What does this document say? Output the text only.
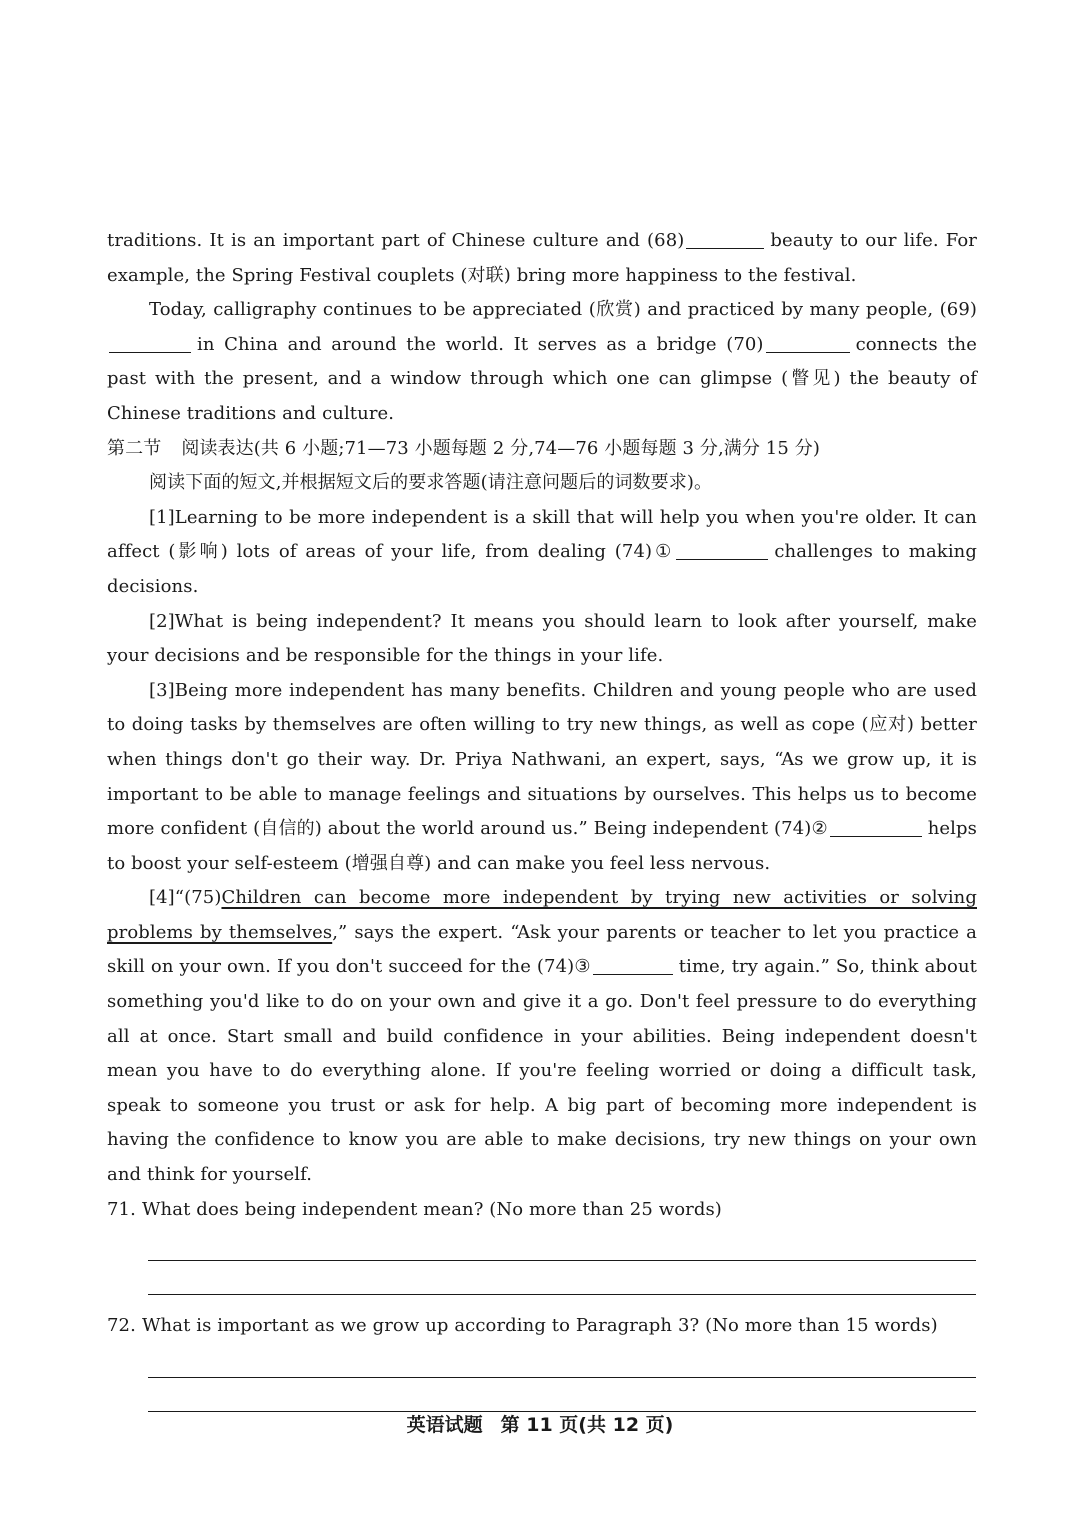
traditions. It is an important part of Chinese culture and (68)	beauty to our life. For example, the Spring Festival couplets (对联) bring more happiness to the festival.

Today, calligraphy continues to be appreciated (欣赏) and practiced by many people, (69)in China and around the world. It serves as a bridge (70)	connects the past with the present, and a window through which one can glimpse (瞥见) the beauty of Chinese traditions and culture.

第二节 阅读表达(共 6 小题;71—73 小题每题 2 分,74—76 小题每题 3 分,满分 15 分)

阅读下面的短文,并根据短文后的要求答题(请注意问题后的词数要求)。

[1]Learning to be more independent is a skill that will help you when you're older. It can affect (影响) lots of areas of your life, from dealing (74)①	challenges to making decisions.

[2]What is being independent? It means you should learn to look after yourself, make your decisions and be responsible for the things in your life.

[3]Being more independent has many benefits. Children and young people who are used to doing tasks by themselves are often willing to try new things, as well as cope (应对) better when things don't go their way. Dr. Priya Nathwani, an expert, says, “As we grow up, it is important to be able to manage feelings and situations by ourselves. This helps us to become more confident (自信的) about the world around us.” Being independent (74)②	helps to boost your self-esteem (增强自尊) and can make you feel less nervous.

[4]“(75)Children can become more independent by trying new activities or solving problems by themselves,” says the expert. “Ask your parents or teacher to let you practice a skill on your own. If you don't succeed for the (74)③	time, try again.” So, think about something you'd like to do on your own and give it a go. Don't feel pressure to do everything all at once. Start small and build confidence in your abilities. Being independent doesn't mean you have to do everything alone. If you're feeling worried or doing a difficult task, speak to someone you trust or ask for help. A big part of becoming more independent is having the confidence to know you are able to make decisions, try new things on your own and think for yourself.

71. What does being independent mean? (No more than 25 words)

72. What is important as we grow up according to Paragraph 3? (No more than 15 words)

英语试题 第 11 页(共 12 页)
